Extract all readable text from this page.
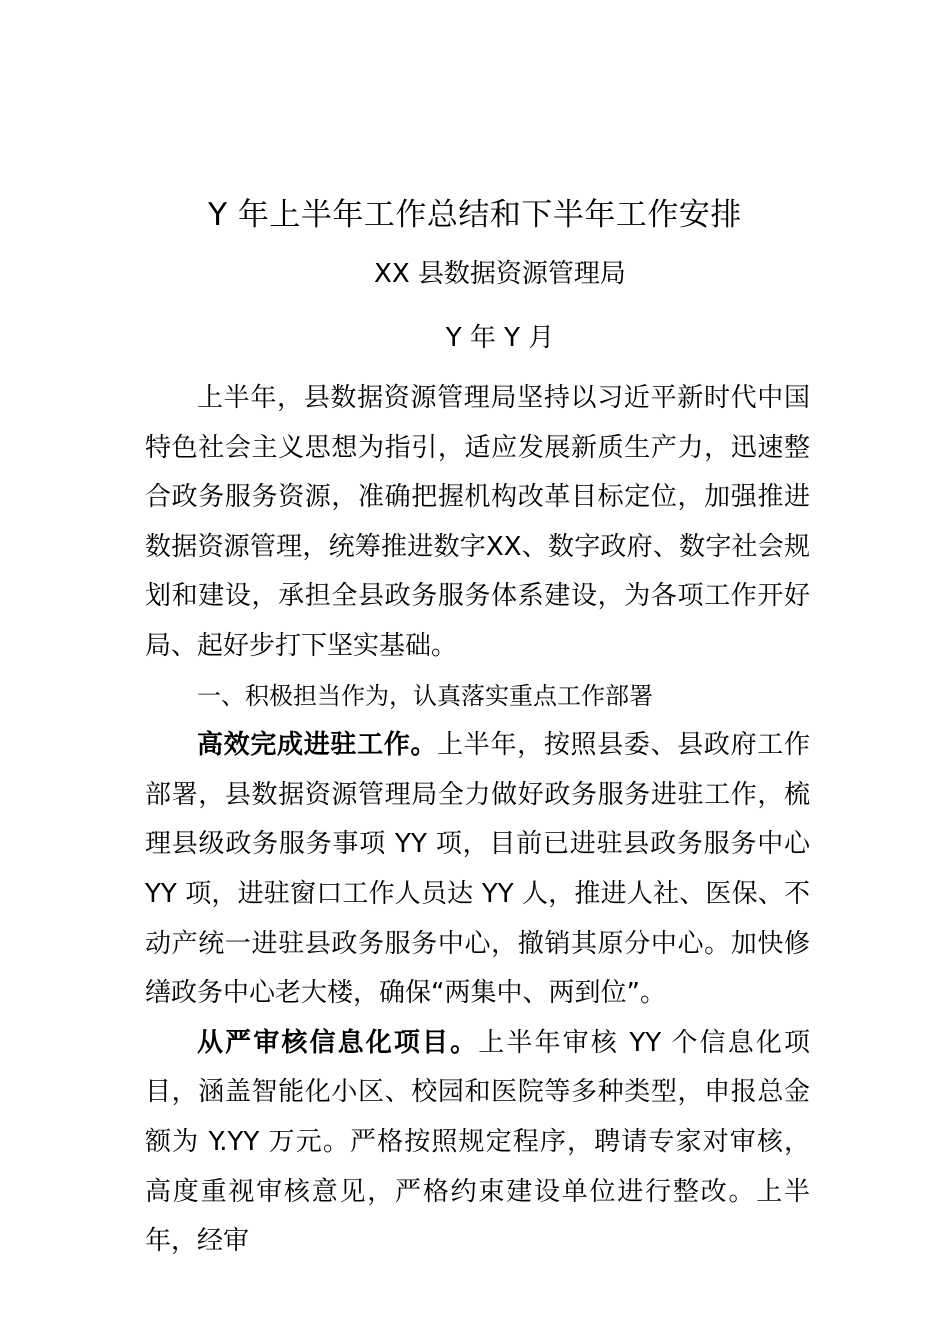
Y 年上半年工作总结和下半年工作安排
XX 县数据资源管理局
Y 年 Y 月

上半年，县数据资源管理局坚持以习近平新时代中国特色社会主义思想为指引，适应发展新质生产力，迅速整合政务服务资源，准确把握机构改革目标定位，加强推进数据资源管理，统筹推进数字XX、数字政府、数字社会规划和建设，承担全县政务服务体系建设，为各项工作开好局、起好步打下坚实基础。

一、积极担当作为，认真落实重点工作部署

高效完成进驻工作。上半年，按照县委、县政府工作部署，县数据资源管理局全力做好政务服务进驻工作，梳理县级政务服务事项 YY 项，目前已进驻县政务服务中心 YY 项，进驻窗口工作人员达 YY 人，推进人社、医保、不动产统一进驻县政务服务中心，撤销其原分中心。加快修缮政务中心老大楼，确保“两集中、两到位”。

从严审核信息化项目。上半年审核 YY 个信息化项目，涵盖智能化小区、校园和医院等多种类型，申报总金额为 Y.YY 万元。严格按照规定程序，聘请专家对审核，高度重视审核意见，严格约束建设单位进行整改。上半年，经审
